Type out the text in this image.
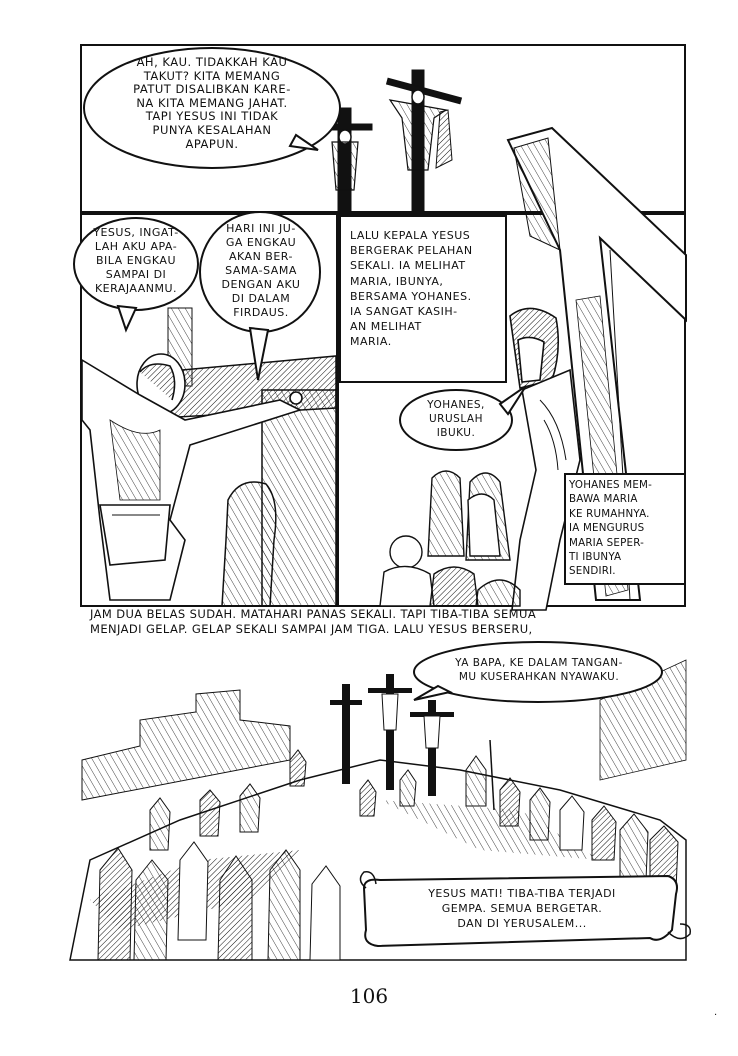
AH, KAU. TIDAKKAH KAU
TAKUT? KITA MEMANG
PATUT DISALIBKAN KARE-
NA KITA MEMANG JAHAT.
TAPI YESUS INI TIDAK
PUNYA KESALAHAN
APAPUN.
YESUS, INGAT-
LAH AKU APA-
BILA ENGKAU
SAMPAI DI
KERAJAANMU.
HARI INI JU-
GA ENGKAU
AKAN BER-
SAMA-SAMA
DENGAN AKU
DI DALAM
FIRDAUS.
LALU KEPALA YESUS
BERGERAK PELAHAN
SEKALI. IA MELIHAT
MARIA, IBUNYA,
BERSAMA YOHANES.
IA SANGAT KASIH-
AN MELIHAT
MARIA.
YOHANES,
URUSLAH
IBUKU.
YOHANES MEM-
BAWA MARIA
KE RUMAHNYA.
IA MENGURUS
MARIA SEPER-
TI IBUNYA
SENDIRI.
JAM DUA BELAS SUDAH. MATAHARI PANAS SEKALI. TAPI TIBA-TIBA SEMUA
MENJADI GELAP. GELAP SEKALI SAMPAI JAM TIGA. LALU YESUS BERSERU,
YA BAPA, KE DALAM TANGAN-
MU KUSERAHKAN NYAWAKU.
YESUS MATI! TIBA-TIBA TERJADI
GEMPA. SEMUA BERGETAR.
DAN DI YERUSALEM...
106
·
